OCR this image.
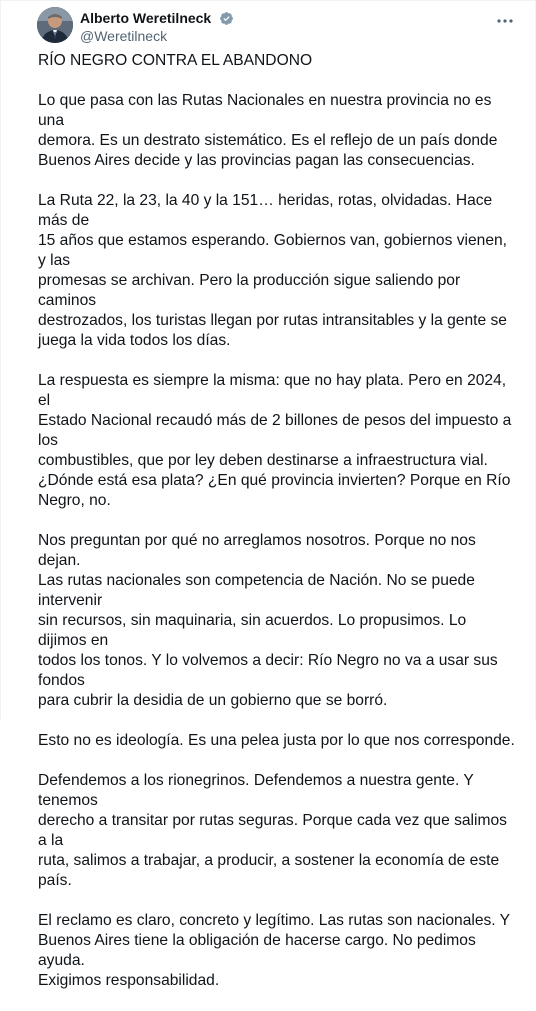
Alberto Weretilneck
@Weretilneck

RÍO NEGRO CONTRA EL ABANDONO

Lo que pasa con las Rutas Nacionales en nuestra provincia no es una
demora. Es un destrato sistemático. Es el reflejo de un país donde
Buenos Aires decide y las provincias pagan las consecuencias.

La Ruta 22, la 23, la 40 y la 151… heridas, rotas, olvidadas. Hace más de
15 años que estamos esperando. Gobiernos van, gobiernos vienen, y las
promesas se archivan. Pero la producción sigue saliendo por caminos
destrozados, los turistas llegan por rutas intransitables y la gente se
juega la vida todos los días.

La respuesta es siempre la misma: que no hay plata. Pero en 2024, el
Estado Nacional recaudó más de 2 billones de pesos del impuesto a los
combustibles, que por ley deben destinarse a infraestructura vial.
¿Dónde está esa plata? ¿En qué provincia invierten? Porque en Río
Negro, no.

Nos preguntan por qué no arreglamos nosotros. Porque no nos dejan.
Las rutas nacionales son competencia de Nación. No se puede intervenir
sin recursos, sin maquinaria, sin acuerdos. Lo propusimos. Lo dijimos en
todos los tonos. Y lo volvemos a decir: Río Negro no va a usar sus fondos
para cubrir la desidia de un gobierno que se borró.

Esto no es ideología. Es una pelea justa por lo que nos corresponde.

Defendemos a los rionegrinos. Defendemos a nuestra gente. Y tenemos
derecho a transitar por rutas seguras. Porque cada vez que salimos a la
ruta, salimos a trabajar, a producir, a sostener la economía de este país.

El reclamo es claro, concreto y legítimo. Las rutas son nacionales. Y
Buenos Aires tiene la obligación de hacerse cargo. No pedimos ayuda.
Exigimos responsabilidad.
